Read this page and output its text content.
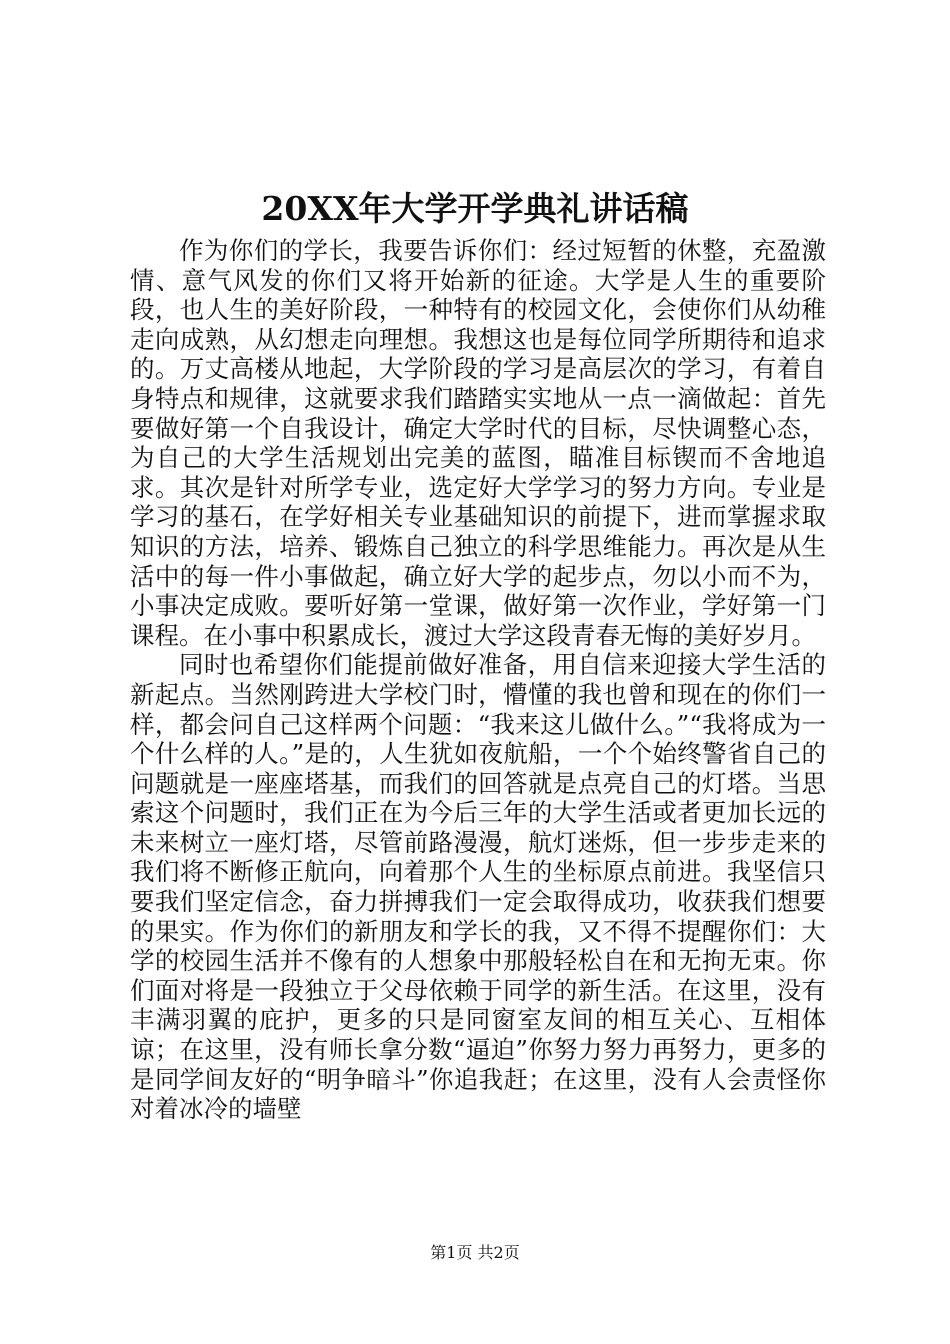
20XX年大学开学典礼讲话稿

作为你们的学长，我要告诉你们：经过短暂的休整，充盈激情、意气风发的你们又将开始新的征途。大学是人生的重要阶段，也人生的美好阶段，一种特有的校园文化，会使你们从幼稚走向成熟，从幻想走向理想。我想这也是每位同学所期待和追求的。万丈高楼从地起，大学阶段的学习是高层次的学习，有着自身特点和规律，这就要求我们踏踏实实地从一点一滴做起：首先要做好第一个自我设计，确定大学时代的目标，尽快调整心态，为自己的大学生活规划出完美的蓝图，瞄准目标锲而不舍地追求。其次是针对所学专业，选定好大学学习的努力方向。专业是学习的基石，在学好相关专业基础知识的前提下，进而掌握求取知识的方法，培养、锻炼自己独立的科学思维能力。再次是从生活中的每一件小事做起，确立好大学的起步点，勿以小而不为，小事决定成败。要听好第一堂课，做好第一次作业，学好第一门课程。在小事中积累成长，渡过大学这段青春无悔的美好岁月。

同时也希望你们能提前做好准备，用自信来迎接大学生活的新起点。当然刚跨进大学校门时，懵懂的我也曾和现在的你们一样，都会问自己这样两个问题：“我来这儿做什么。”“我将成为一个什么样的人。”是的，人生犹如夜航船，一个个始终警省自己的问题就是一座座塔基，而我们的回答就是点亮自己的灯塔。当思索这个问题时，我们正在为今后三年的大学生活或者更加长远的未来树立一座灯塔，尽管前路漫漫，航灯迷烁，但一步步走来的我们将不断修正航向，向着那个人生的坐标原点前进。我坚信只要我们坚定信念，奋力拼搏我们一定会取得成功，收获我们想要的果实。作为你们的新朋友和学长的我，又不得不提醒你们：大学的校园生活并不像有的人想象中那般轻松自在和无拘无束。你们面对将是一段独立于父母依赖于同学的新生活。在这里，没有丰满羽翼的庇护，更多的只是同窗室友间的相互关心、互相体谅；在这里，没有师长拿分数“逼迫”你努力努力再努力，更多的是同学间友好的“明争暗斗”你追我赶；在这里，没有人会责怪你对着冰冷的墙壁

第1页 共2页
